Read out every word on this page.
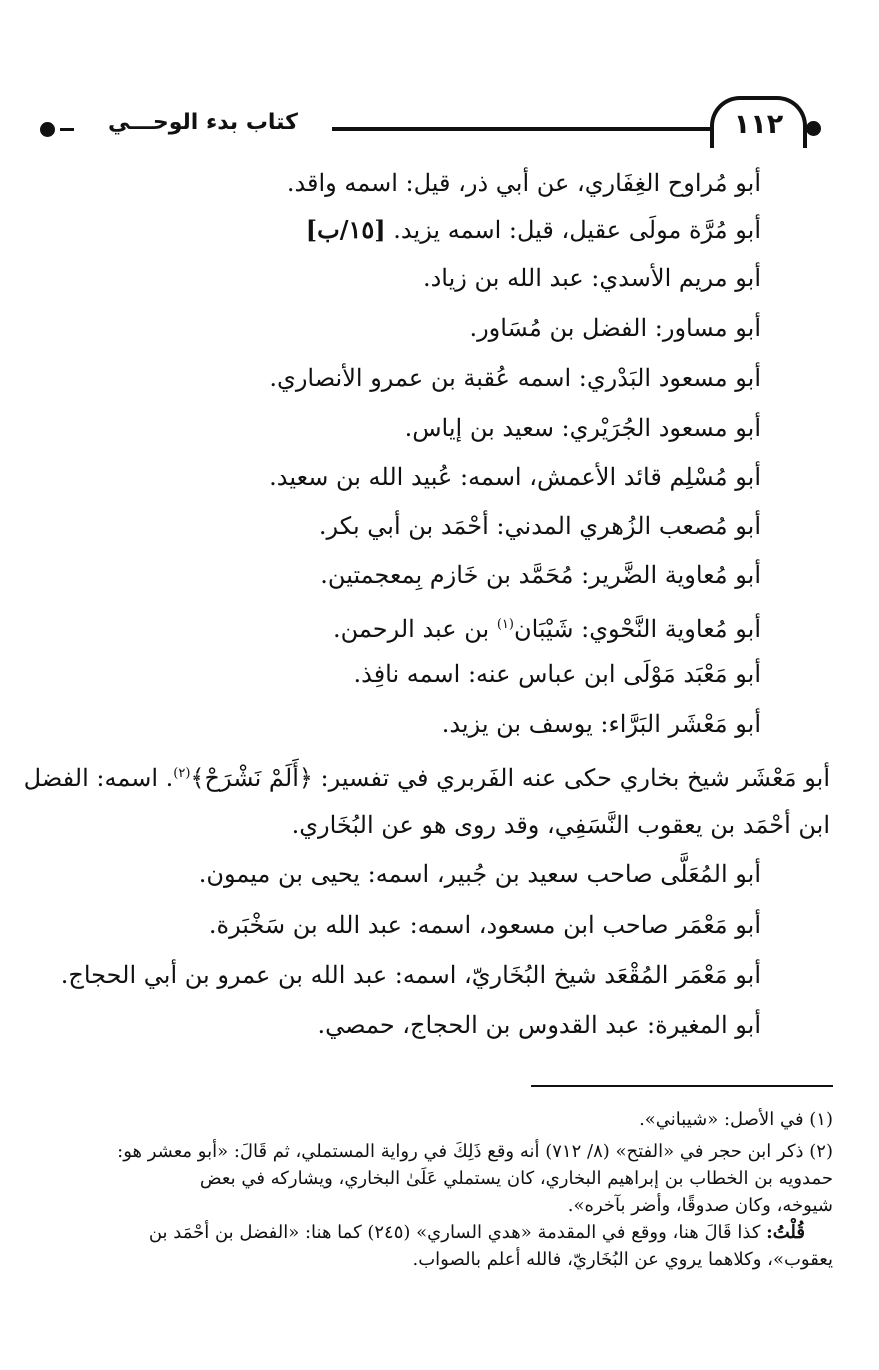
١١٢
كتاب بدء الوحـــي
أبو مُراوح الغِفَاري، عن أبي ذر، قيل: اسمه واقد.
أبو مُرَّة مولَى عقيل، قيل: اسمه يزيد. [١٥/ب]
أبو مريم الأسدي: عبد الله بن زياد.
أبو مساور: الفضل بن مُسَاور.
أبو مسعود البَدْري: اسمه عُقبة بن عمرو الأنصاري.
أبو مسعود الجُرَيْري: سعيد بن إياس.
أبو مُسْلِم قائد الأعمش، اسمه: عُبيد الله بن سعيد.
أبو مُصعب الزُهري المدني: أحْمَد بن أبي بكر.
أبو مُعاوية الضَّرير: مُحَمَّد بن خَازم بِمعجمتين.
أبو مُعاوية النَّحْوي: شَيْبَان$^{(١)}$ بن عبد الرحمن.
أبو مَعْبَد مَوْلَى ابن عباس عنه: اسمه نافِذ.
أبو مَعْشَر البَرَّاء: يوسف بن يزيد.
أبو مَعْشَر شيخ بخاري حكى عنه الفَربري في تفسير: ﴿أَلَمْ نَشْرَحْ﴾$^{(٢)}$. اسمه: الفضل
ابن أحْمَد بن يعقوب النَّسَفِي، وقد روى هو عن البُخَاري.
أبو المُعَلَّى صاحب سعيد بن جُبير، اسمه: يحيى بن ميمون.
أبو مَعْمَر صاحب ابن مسعود، اسمه: عبد الله بن سَخْبَرة.
أبو مَعْمَر المُقْعَد شيخ البُخَاريّ، اسمه: عبد الله بن عمرو بن أبي الحجاج.
أبو المغيرة: عبد القدوس بن الحجاج، حمصي.
(١) في الأصل: «شيباني».
(٢) ذكر ابن حجر في «الفتح» (٨/ ٧١٢) أنه وقع ذَلِكَ في رواية المستملي، ثم قَالَ: «أبو معشر هو:
حمدويه بن الخطاب بن إبراهيم البخاري، كان يستملي عَلَىٰ البخاري، ويشاركه في بعض
شيوخه، وكان صدوقًا، وأضر بآخره».
قُلْتُ: كذا قَالَ هنا، ووقع في المقدمة «هدي الساري» (٢٤٥) كما هنا: «الفضل بن أحْمَد بن
يعقوب»، وكلاهما يروي عن البُخَاريّ، فالله أعلم بالصواب.
